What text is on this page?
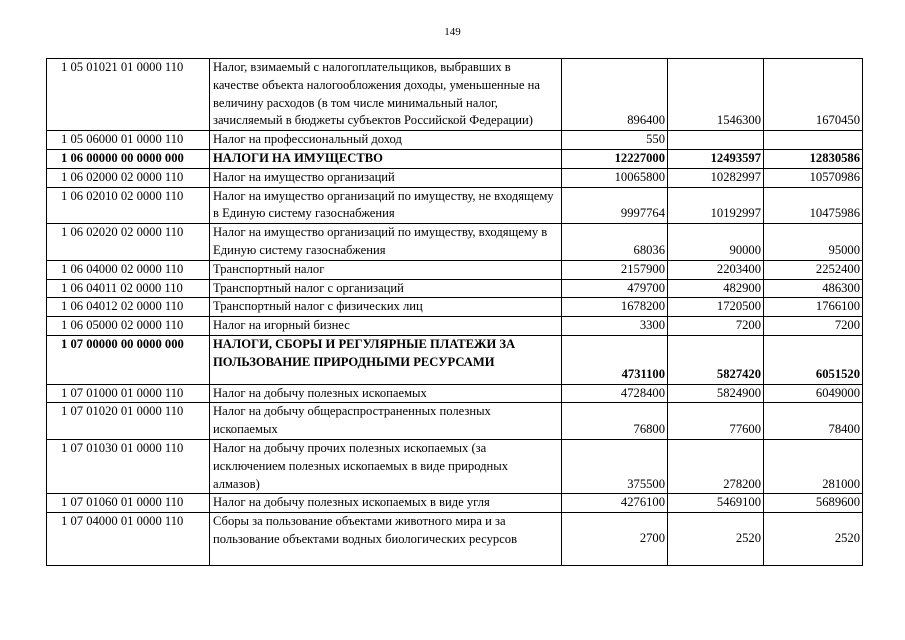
149
1 05 01021 01 0000 110	Налог, взимаемый с налогоплательщиков, выбравших в качестве объекта налогообложения доходы, уменьшенные на величину расходов (в том числе минимальный налог, зачисляемый в бюджеты субъектов Российской Федерации)	896400	1546300	1670450
1 05 06000 01 0000 110	Налог на профессиональный доход	550		
1 06 00000 00 0000 000	НАЛОГИ НА ИМУЩЕСТВО	12227000	12493597	12830586
1 06 02000 02 0000 110	Налог на имущество организаций	10065800	10282997	10570986
1 06 02010 02 0000 110	Налог на имущество организаций по имуществу, не входящему в Единую систему газоснабжения	9997764	10192997	10475986
1 06 02020 02 0000 110	Налог на имущество организаций по имуществу, входящему в Единую систему газоснабжения	68036	90000	95000
1 06 04000 02 0000 110	Транспортный налог	2157900	2203400	2252400
1 06 04011 02 0000 110	Транспортный налог с организаций	479700	482900	486300
1 06 04012 02 0000 110	Транспортный налог с физических лиц	1678200	1720500	1766100
1 06 05000 02 0000 110	Налог на игорный бизнес	3300	7200	7200
1 07 00000 00 0000 000	НАЛОГИ, СБОРЫ И РЕГУЛЯРНЫЕ ПЛАТЕЖИ ЗА ПОЛЬЗОВАНИЕ ПРИРОДНЫМИ РЕСУРСАМИ	4731100	5827420	6051520
1 07 01000 01 0000 110	Налог на добычу полезных ископаемых	4728400	5824900	6049000
1 07 01020 01 0000 110	Налог на добычу общераспространенных полезных ископаемых	76800	77600	78400
1 07 01030 01 0000 110	Налог на добычу прочих полезных ископаемых (за исключением полезных ископаемых в виде природных алмазов)	375500	278200	281000
1 07 01060 01 0000 110	Налог на добычу полезных ископаемых в виде угля	4276100	5469100	5689600
1 07 04000 01 0000 110	Сборы за пользование объектами животного мира и за пользование объектами водных биологических ресурсов	2700	2520	2520
